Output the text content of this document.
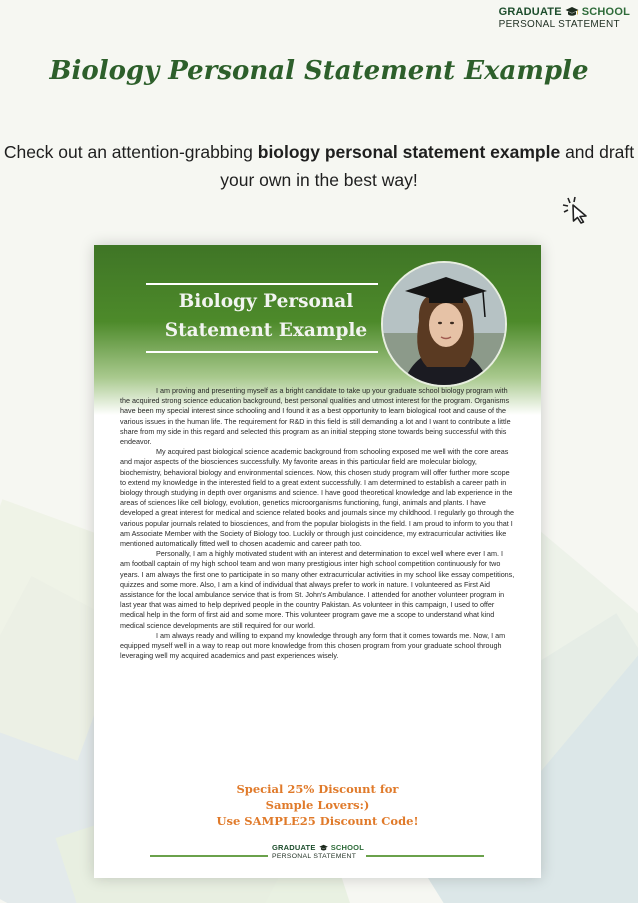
GRADUATE SCHOOL
PERSONAL STATEMENT
Biology Personal Statement Example
Check out an attention-grabbing biology personal statement example and draft your own in the best way!
Biology Personal
Statement Example

I am proving and presenting myself as a bright candidate to take up your graduate school biology program with the acquired strong science education background, best personal qualities and utmost interest for the program. Organisms have been my special interest since schooling and I found it as a best opportunity to learn biological root and cause of the various issues in the human life. The requirement for R&D in this field is still demanding a lot and I want to contribute a little share from my side in this regard and selected this program as an initial stepping stone towards being successful with this endeavor.

My acquired past biological science academic background from schooling exposed me well with the core areas and major aspects of the biosciences successfully. My favorite areas in this particular field are molecular biology, biochemistry, behavioral biology and environmental sciences. Now, this chosen study program will offer further more scope to extend my knowledge in the interested field to a great extent successfully. I am determined to establish a career path in biology through studying in depth over organisms and science. I have good theoretical knowledge and lab experience in the areas of sciences like cell biology, evolution, genetics microorganisms functioning, fungi, animals and plants. I have developed a great interest for medical and science related books and journals since my childhood. I regularly go through the various popular journals related to biosciences, and from the popular biologists in the field. I am proud to inform to you that I am Associate Member with the Society of Biology too. Luckily or through just coincidence, my extracurricular activities like mentioned automatically fitted well to chosen academic and career path too.

Personally, I am a highly motivated student with an interest and determination to excel well where ever I am. I am football captain of my high school team and won many prestigious inter high school competition continuously for two years. I am always the first one to participate in so many other extracurricular activities in my school like essay competitions, quizzes and some more. Also, I am a kind of individual that always prefer to work in nature. I volunteered as First Aid assistance for the local ambulance service that is from St. John's Ambulance. I attended for another volunteer program in last year that was aimed to help deprived people in the country Pakistan. As volunteer in this campaign, I used to offer medical help in the form of first aid and some more. This volunteer program gave me a scope to understand what kind medical science developments are still required for our world.

I am always ready and willing to expand my knowledge through any form that it comes towards me. Now, I am equipped myself well in a way to reap out more knowledge from this chosen program from your graduate school through leveraging well my acquired academics and past experiences wisely.

Special 25% Discount for
Sample Lovers:)
Use SAMPLE25 Discount Code!
GRADUATE SCHOOL
PERSONAL STATEMENT
